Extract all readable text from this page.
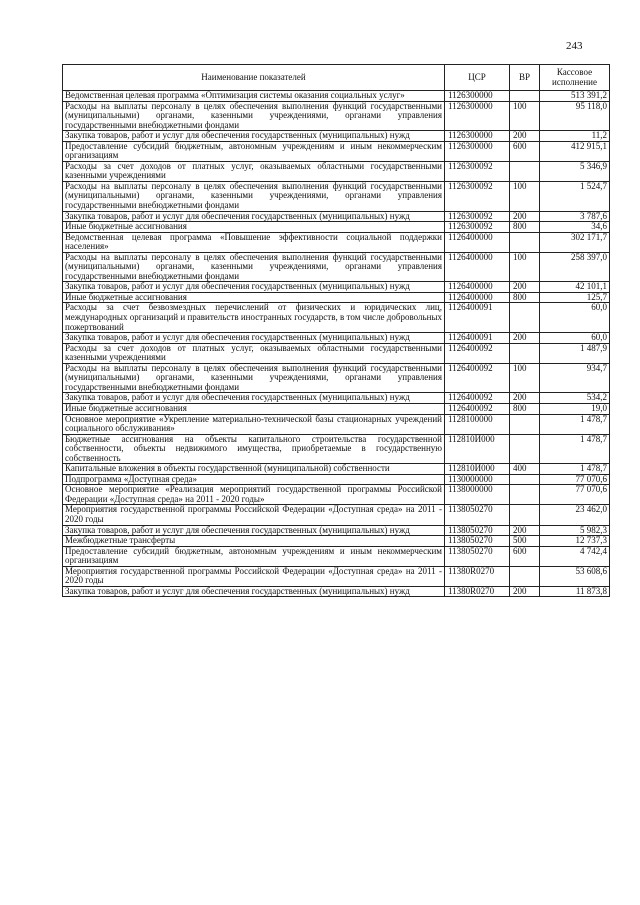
243
Наименование показателей	ЦСР	ВР	Кассовое исполнение
Ведомственная целевая программа «Оптимизация системы оказания социальных услуг»	1126300000		513 391,2
Расходы на выплаты персоналу в целях обеспечения выполнения функций государственными (муниципальными) органами, казенными учреждениями, органами управления государственными внебюджетными фондами	1126300000	100	95 118,0
Закупка товаров, работ и услуг для обеспечения государственных (муниципальных) нужд	1126300000	200	11,2
Предоставление субсидий бюджетным, автономным учреждениям и иным некоммерческим организациям	1126300000	600	412 915,1
Расходы за счет доходов от платных услуг, оказываемых областными государственными казенными учреждениями	1126300092		5 346,9
Расходы на выплаты персоналу в целях обеспечения выполнения функций государственными (муниципальными) органами, казенными учреждениями, органами управления государственными внебюджетными фондами	1126300092	100	1 524,7
Закупка товаров, работ и услуг для обеспечения государственных (муниципальных) нужд	1126300092	200	3 787,6
Иные бюджетные ассигнования	1126300092	800	34,6
Ведомственная целевая программа «Повышение эффективности социальной поддержки населения»	1126400000		302 171,7
Расходы на выплаты персоналу в целях обеспечения выполнения функций государственными (муниципальными) органами, казенными учреждениями, органами управления государственными внебюджетными фондами	1126400000	100	258 397,0
Закупка товаров, работ и услуг для обеспечения государственных (муниципальных) нужд	1126400000	200	42 101,1
Иные бюджетные ассигнования	1126400000	800	125,7
Расходы за счет безвозмездных перечислений от физических и юридических лиц, международных организаций и правительств иностранных государств, в том числе добровольных пожертвований	1126400091		60,0
Закупка товаров, работ и услуг для обеспечения государственных (муниципальных) нужд	1126400091	200	60,0
Расходы за счет доходов от платных услуг, оказываемых областными государственными казенными учреждениями	1126400092		1 487,9
Расходы на выплаты персоналу в целях обеспечения выполнения функций государственными (муниципальными) органами, казенными учреждениями, органами управления государственными внебюджетными фондами	1126400092	100	934,7
Закупка товаров, работ и услуг для обеспечения государственных (муниципальных) нужд	1126400092	200	534,2
Иные бюджетные ассигнования	1126400092	800	19,0
Основное мероприятие «Укрепление материально-технической базы стационарных учреждений социального обслуживания»	1128100000		1 478,7
Бюджетные ассигнования на объекты капитального строительства государственной собственности, объекты недвижимого имущества, приобретаемые в государственную собственность	112810И000		1 478,7
Капитальные вложения в объекты государственной (муниципальной) собственности	112810И000	400	1 478,7
Подпрограмма «Доступная среда»	1130000000		77 070,6
Основное мероприятие «Реализация мероприятий государственной программы Российской Федерации «Доступная среда» на 2011 - 2020 годы»	1138000000		77 070,6
Мероприятия государственной программы Российской Федерации «Доступная среда» на 2011 - 2020 годы	1138050270		23 462,0
Закупка товаров, работ и услуг для обеспечения государственных (муниципальных) нужд	1138050270	200	5 982,3
Межбюджетные трансферты	1138050270	500	12 737,3
Предоставление субсидий бюджетным, автономным учреждениям и иным некоммерческим организациям	1138050270	600	4 742,4
Мероприятия государственной программы Российской Федерации «Доступная среда» на 2011 - 2020 годы	11380R0270		53 608,6
Закупка товаров, работ и услуг для обеспечения государственных (муниципальных) нужд	11380R0270	200	11 873,8
